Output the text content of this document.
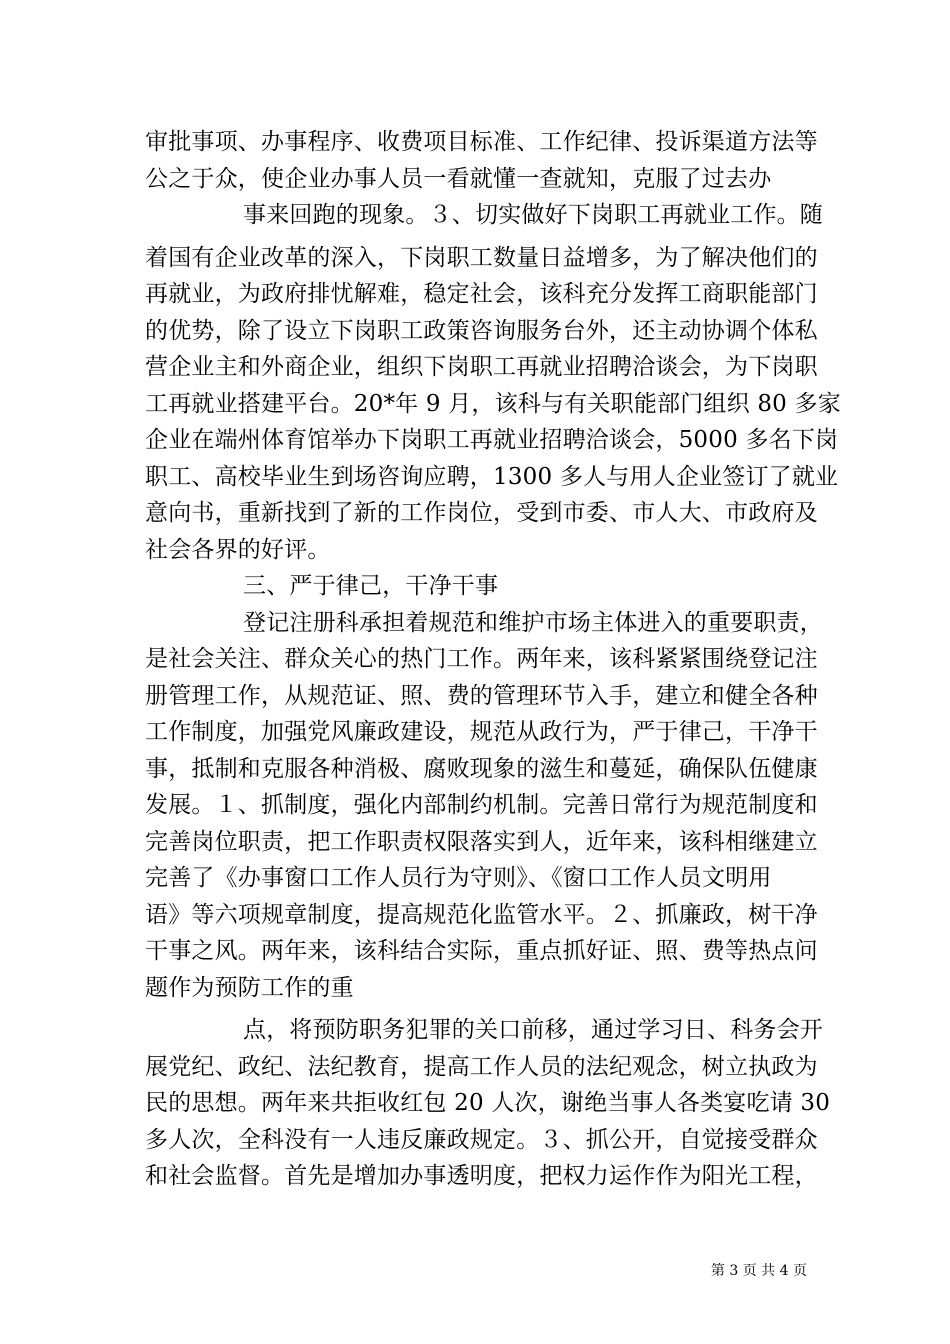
审批事项、办事程序、收费项目标准、工作纪律、投诉渠道方法等
公之于众，使企业办事人员一看就懂一查就知，克服了过去办
事来回跑的现象。３、切实做好下岗职工再就业工作。随
着国有企业改革的深入，下岗职工数量日益增多，为了解决他们的
再就业，为政府排忧解难，稳定社会，该科充分发挥工商职能部门
的优势，除了设立下岗职工政策咨询服务台外，还主动协调个体私
营企业主和外商企业，组织下岗职工再就业招聘洽谈会，为下岗职
工再就业搭建平台。20*年 9 月，该科与有关职能部门组织 80 多家
企业在端州体育馆举办下岗职工再就业招聘洽谈会，5000 多名下岗
职工、高校毕业生到场咨询应聘，1300 多人与用人企业签订了就业
意向书，重新找到了新的工作岗位，受到市委、市人大、市政府及
社会各界的好评。
三、严于律己，干净干事
登记注册科承担着规范和维护市场主体进入的重要职责，
是社会关注、群众关心的热门工作。两年来，该科紧紧围绕登记注
册管理工作，从规范证、照、费的管理环节入手，建立和健全各种
工作制度，加强党风廉政建设，规范从政行为，严于律己，干净干
事，抵制和克服各种消极、腐败现象的滋生和蔓延，确保队伍健康
发展。１、抓制度，强化内部制约机制。完善日常行为规范制度和
完善岗位职责，把工作职责权限落实到人，近年来，该科相继建立
完善了《办事窗口工作人员行为守则》、《窗口工作人员文明用
语》等六项规章制度，提高规范化监管水平。２、抓廉政，树干净
干事之风。两年来，该科结合实际，重点抓好证、照、费等热点问
题作为预防工作的重
点，将预防职务犯罪的关口前移，通过学习日、科务会开
展党纪、政纪、法纪教育，提高工作人员的法纪观念，树立执政为
民的思想。两年来共拒收红包 20 人次，谢绝当事人各类宴吃请 30
多人次，全科没有一人违反廉政规定。３、抓公开，自觉接受群众
和社会监督。首先是增加办事透明度，把权力运作作为阳光工程，
第 3 页 共 4 页
